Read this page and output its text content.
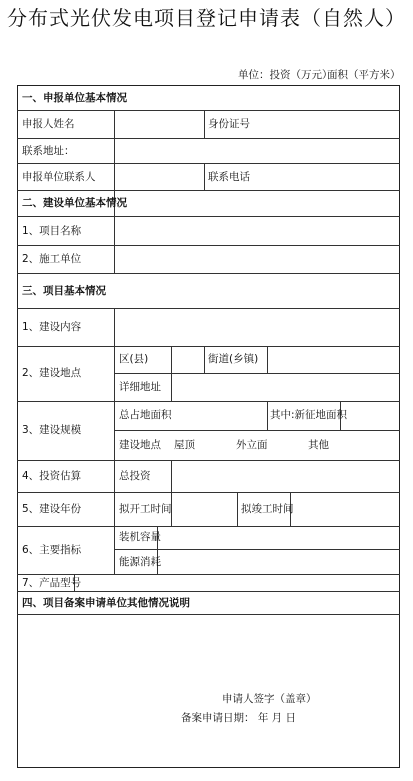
分布式光伏发电项目登记申请表（自然人）
单位：投资（万元）
面积（平方米）
一、申报单位基本情况
申报人姓名	身份证号
联系地址：
申报单位联系人	联系电话
二、建设单位基本情况
1、项目名称
2、施工单位
三、项目基本情况
1、建设内容
2、建设地点
区(县)	街道(乡镇)
详细地址
3、建设规模
总占地面积	其中:新征地面积
建设地点 屋顶	外立面	其他
4、投资估算	总投资
5、建设年份	拟开工时间	拟竣工时间
6、主要指标
装机容量
能源消耗
7、产品型号
四、项目备案申请单位其他情况说明
申请人签字（盖章）
备案申请日期： 年 月 日
